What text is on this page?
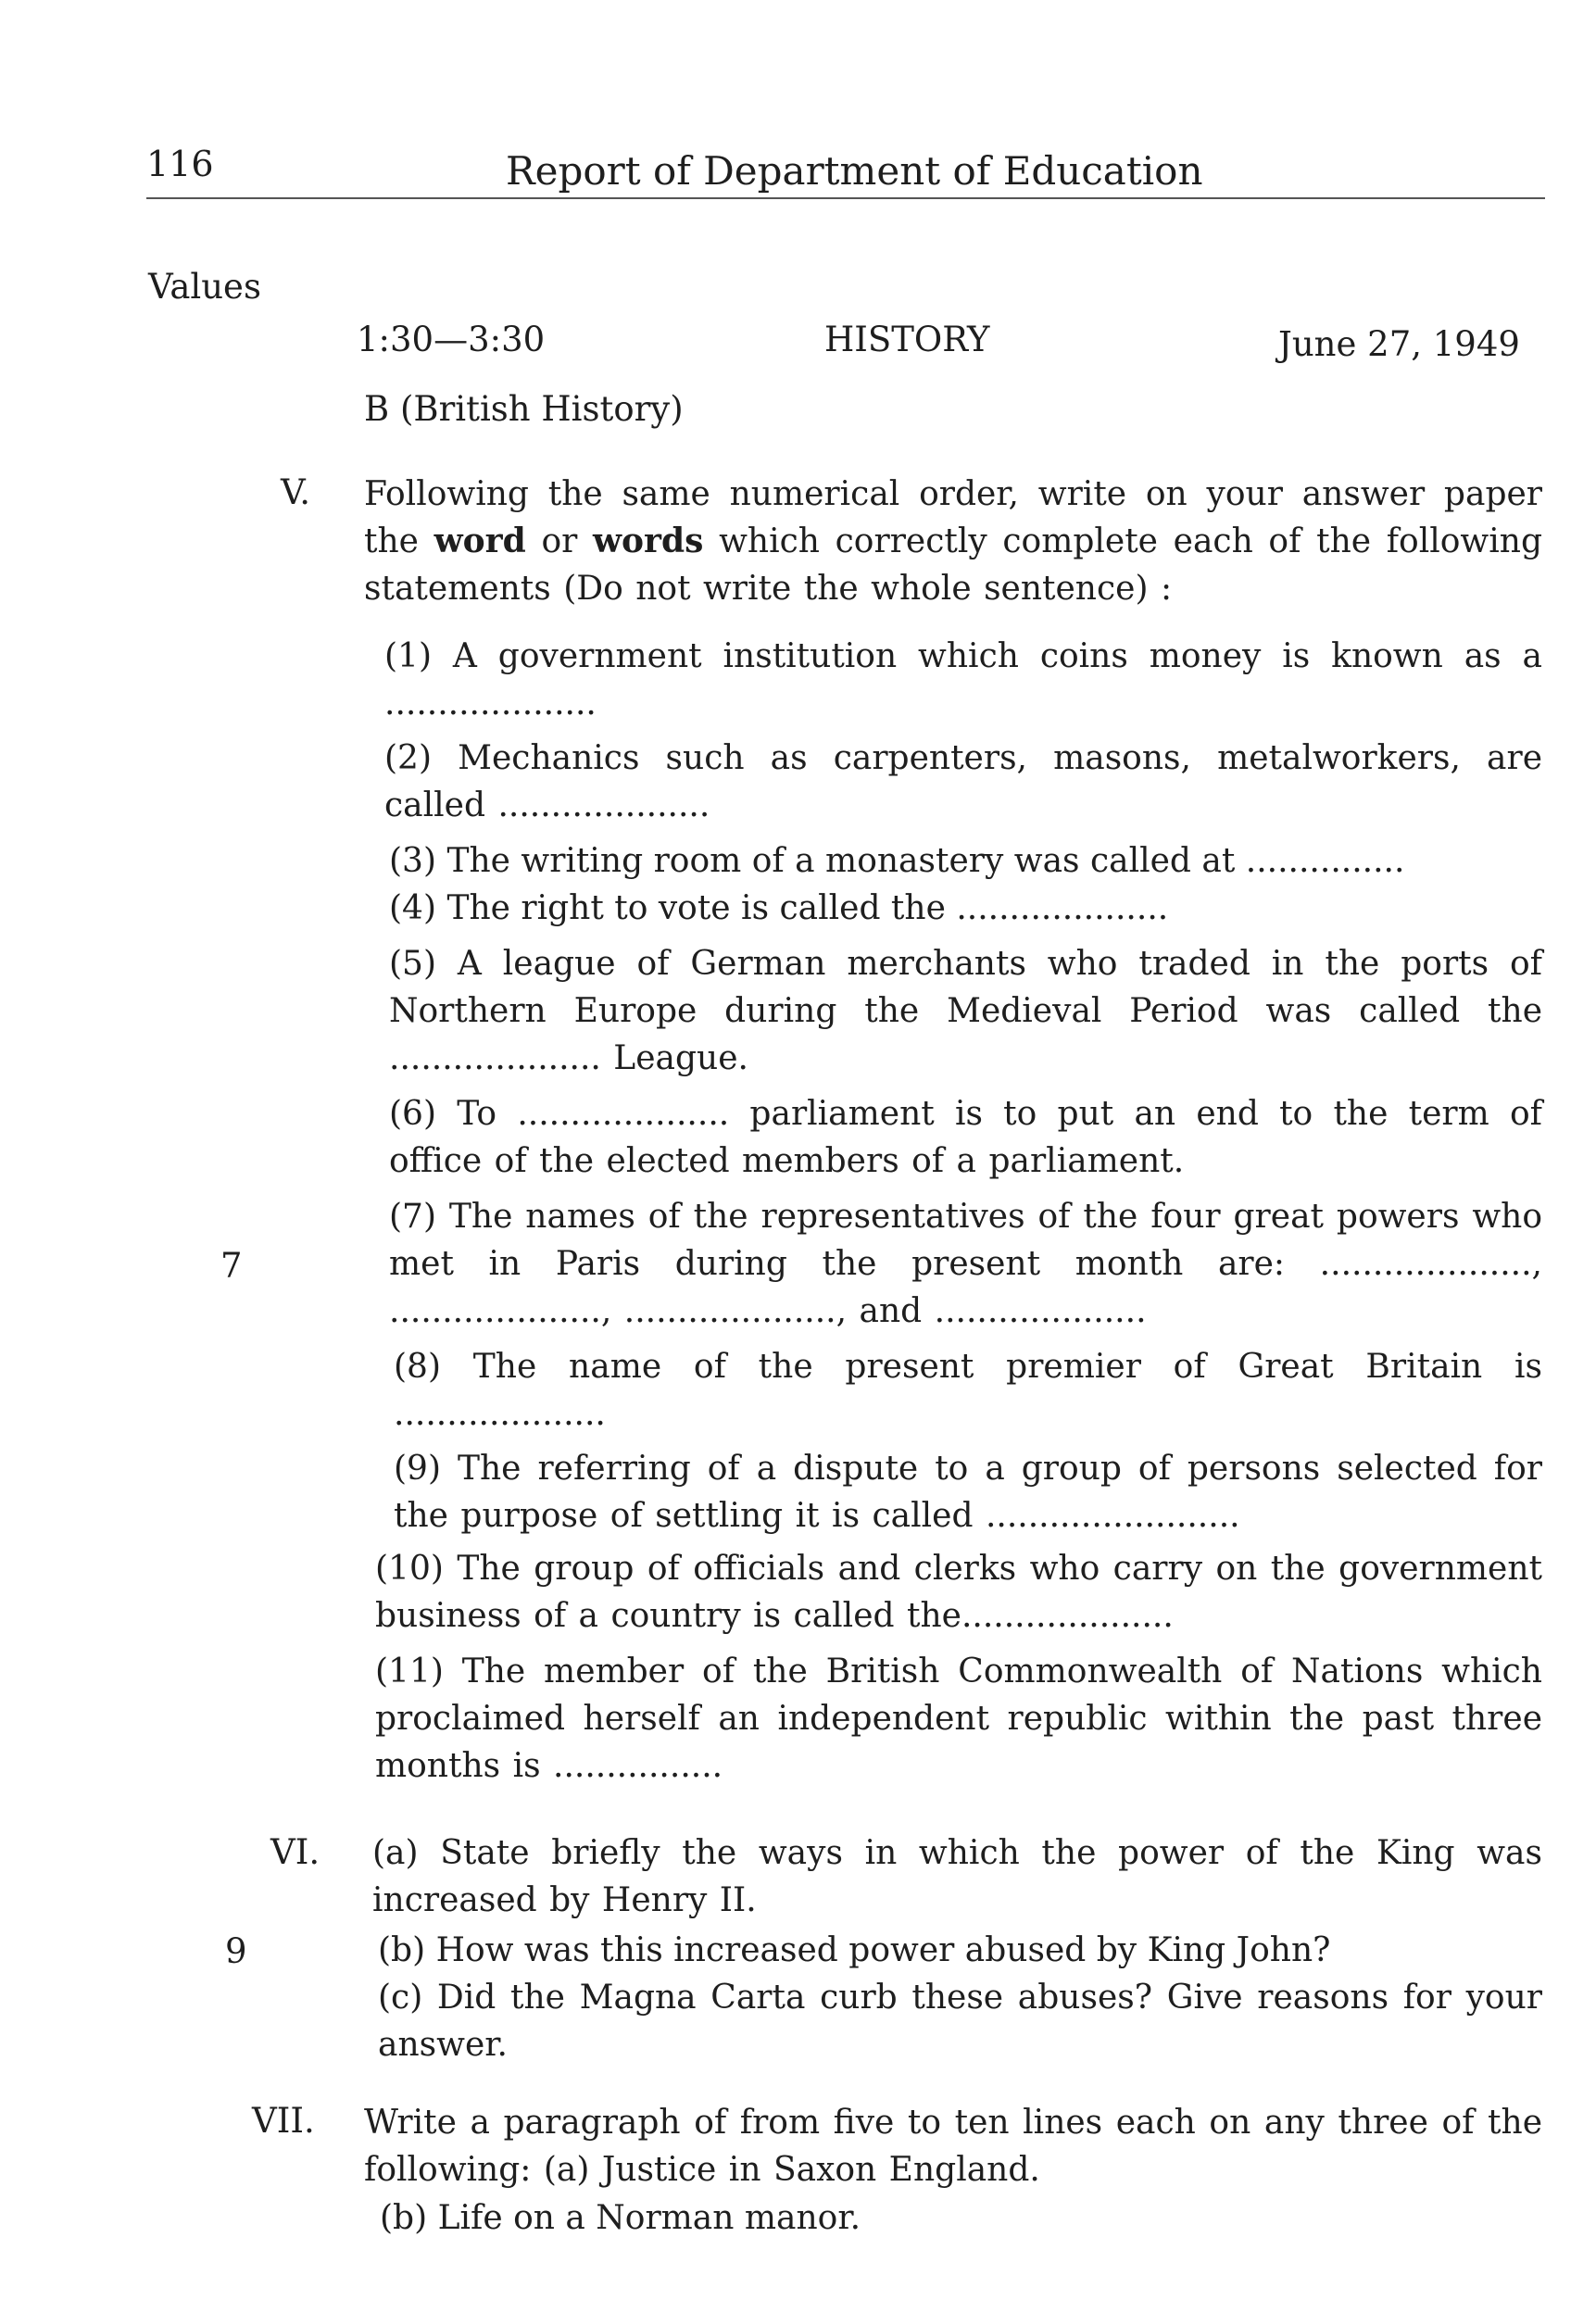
116	Report of Department of Education
Values
1:30—3:30	HISTORY	June 27, 1949
B (British History)
V. Following the same numerical order, write on your answer paper the word or words which correctly complete each of the following statements (Do not write the whole sentence) :
(1) A government institution which coins money is known as a ....................
(2) Mechanics such as carpenters, masons, metalworkers, are called ....................
(3) The writing room of a monastery was called at ...............
(4) The right to vote is called the ....................
(5) A league of German merchants who traded in the ports of Northern Europe during the Medieval Period was called the .................... League.
(6) To .................... parliament is to put an end to the term of office of the elected members of a parliament.
(7) The names of the representatives of the four great powers who met in Paris during the present month are: ...................., ...................., ...................., and ....................
7
(8) The name of the present premier of Great Britain is ....................
(9) The referring of a dispute to a group of persons selected for the purpose of settling it is called ........................
(10) The group of officials and clerks who carry on the government business of a country is called the....................
(11) The member of the British Commonwealth of Nations which proclaimed herself an independent republic within the past three months is ................
VI.	(a) State briefly the ways in which the power of the King was increased by Henry II.
(b) How was this increased power abused by King John?
9
(c) Did the Magna Carta curb these abuses? Give reasons for your answer.
VII. Write a paragraph of from five to ten lines each on any three of the following: (a) Justice in Saxon England.
(b) Life on a Norman manor.
